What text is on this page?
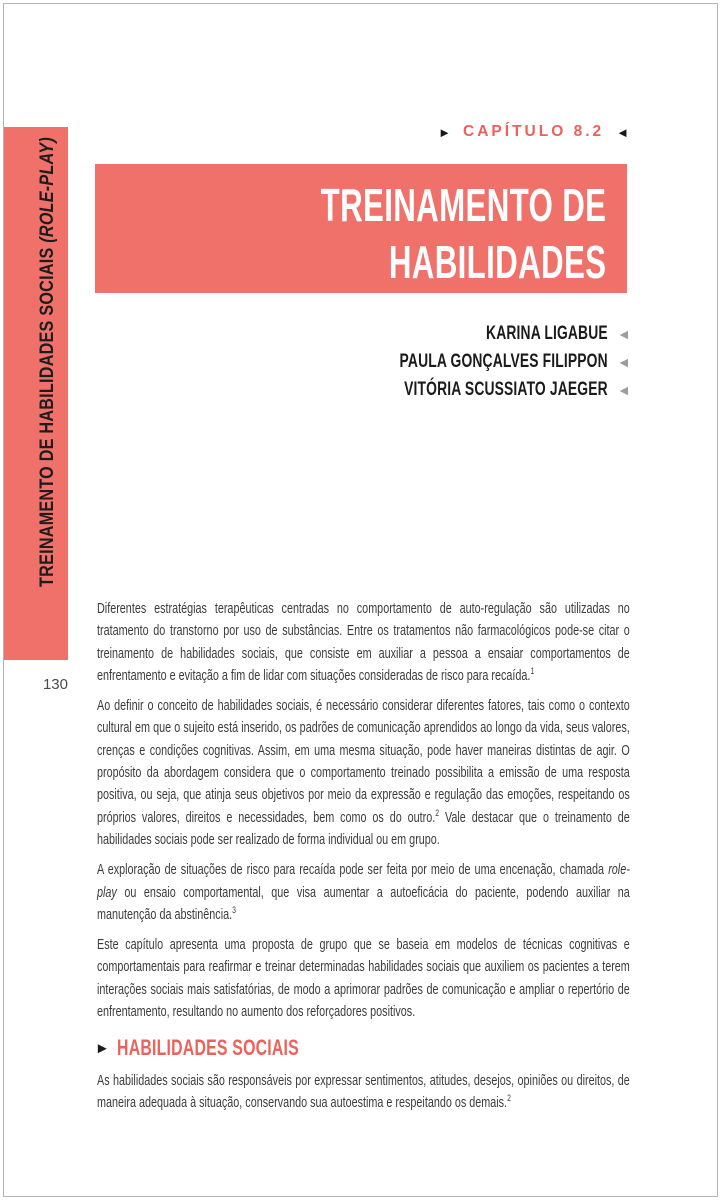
TREINAMENTO DE HABILIDADES SOCIAIS (ROLE-PLAY)
130
► CAPÍTULO 8.2 ◄
TREINAMENTO DE HABILIDADES
KARINA LIGABUE ◄
PAULA GONÇALVES FILIPPON ◄
VITÓRIA SCUSSIATO JAEGER ◄

Diferentes estratégias terapêuticas centradas no comportamento de auto-regulação são utilizadas no tratamento do transtorno por uso de substâncias. Entre os tratamentos não farmacológicos pode-se citar o treinamento de habilidades sociais, que consiste em auxiliar a pessoa a ensaiar comportamentos de enfrentamento e evitação a fim de lidar com situações consideradas de risco para recaída.$^1$

Ao definir o conceito de habilidades sociais, é necessário considerar diferentes fatores, tais como o contexto cultural em que o sujeito está inserido, os padrões de comunicação aprendidos ao longo da vida, seus valores, crenças e condições cognitivas. Assim, em uma mesma situação, pode haver maneiras distintas de agir. O propósito da abordagem considera que o comportamento treinado possibilita a emissão de uma resposta positiva, ou seja, que atinja seus objetivos por meio da expressão e regulação das emoções, respeitando os próprios valores, direitos e necessidades, bem como os do outro.$^2$ Vale destacar que o treinamento de habilidades sociais pode ser realizado de forma individual ou em grupo.

A exploração de situações de risco para recaída pode ser feita por meio de uma encenação, chamada role-play ou ensaio comportamental, que visa aumentar a autoeficácia do paciente, podendo auxiliar na manutenção da abstinência.$^3$

Este capítulo apresenta uma proposta de grupo que se baseia em modelos de técnicas cognitivas e comportamentais para reafirmar e treinar determinadas habilidades sociais que auxiliem os pacientes a terem interações sociais mais satisfatórias, de modo a aprimorar padrões de comunicação e ampliar o repertório de enfrentamento, resultando no aumento dos reforçadores positivos.

► HABILIDADES SOCIAIS

As habilidades sociais são responsáveis por expressar sentimentos, atitudes, desejos, opiniões ou direitos, de maneira adequada à situação, conservando sua autoestima e respeitando os demais.$^2$
